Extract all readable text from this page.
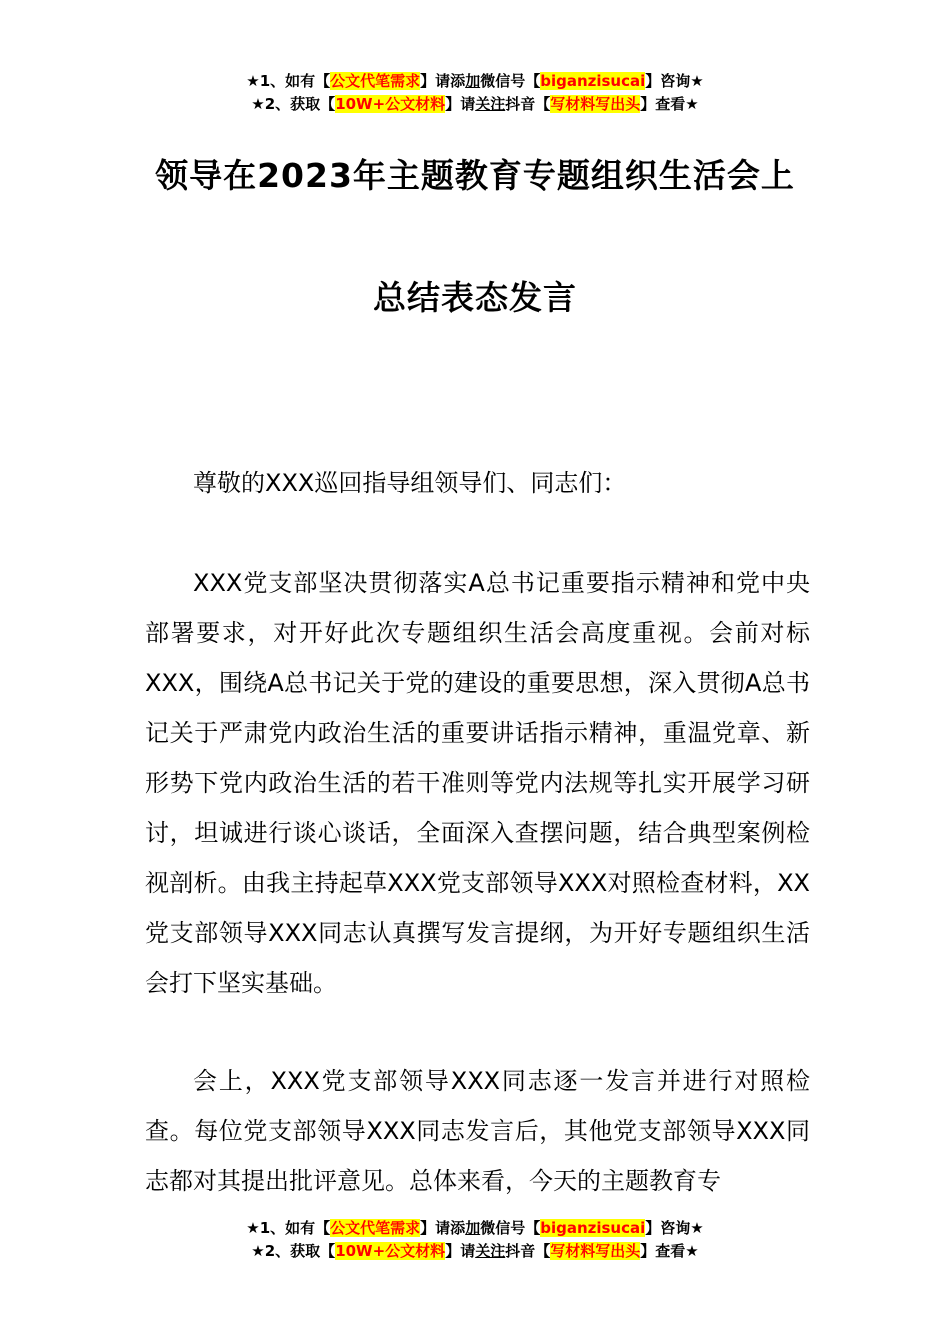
★1、如有【公文代笔需求】请添加微信号【biganzisucai】咨询★
★2、获取【10W+公文材料】请关注抖音【写材料写出头】查看★
领导在2023年主题教育专题组织生活会上
总结表态发言

尊敬的XXX巡回指导组领导们、同志们：

XXX党支部坚决贯彻落实A总书记重要指示精神和党中央部署要求，对开好此次专题组织生活会高度重视。会前对标XXX，围绕A总书记关于党的建设的重要思想，深入贯彻A总书记关于严肃党内政治生活的重要讲话指示精神，重温党章、新形势下党内政治生活的若干准则等党内法规等扎实开展学习研讨，坦诚进行谈心谈话，全面深入查摆问题，结合典型案例检视剖析。由我主持起草XXX党支部领导XXX对照检查材料，XX党支部领导XXX同志认真撰写发言提纲，为开好专题组织生活会打下坚实基础。

会上，XXX党支部领导XXX同志逐一发言并进行对照检查。每位党支部领导XXX同志发言后，其他党支部领导XXX同志都对其提出批评意见。总体来看，今天的主题教育专

★1、如有【公文代笔需求】请添加微信号【biganzisucai】咨询★
★2、获取【10W+公文材料】请关注抖音【写材料写出头】查看★
